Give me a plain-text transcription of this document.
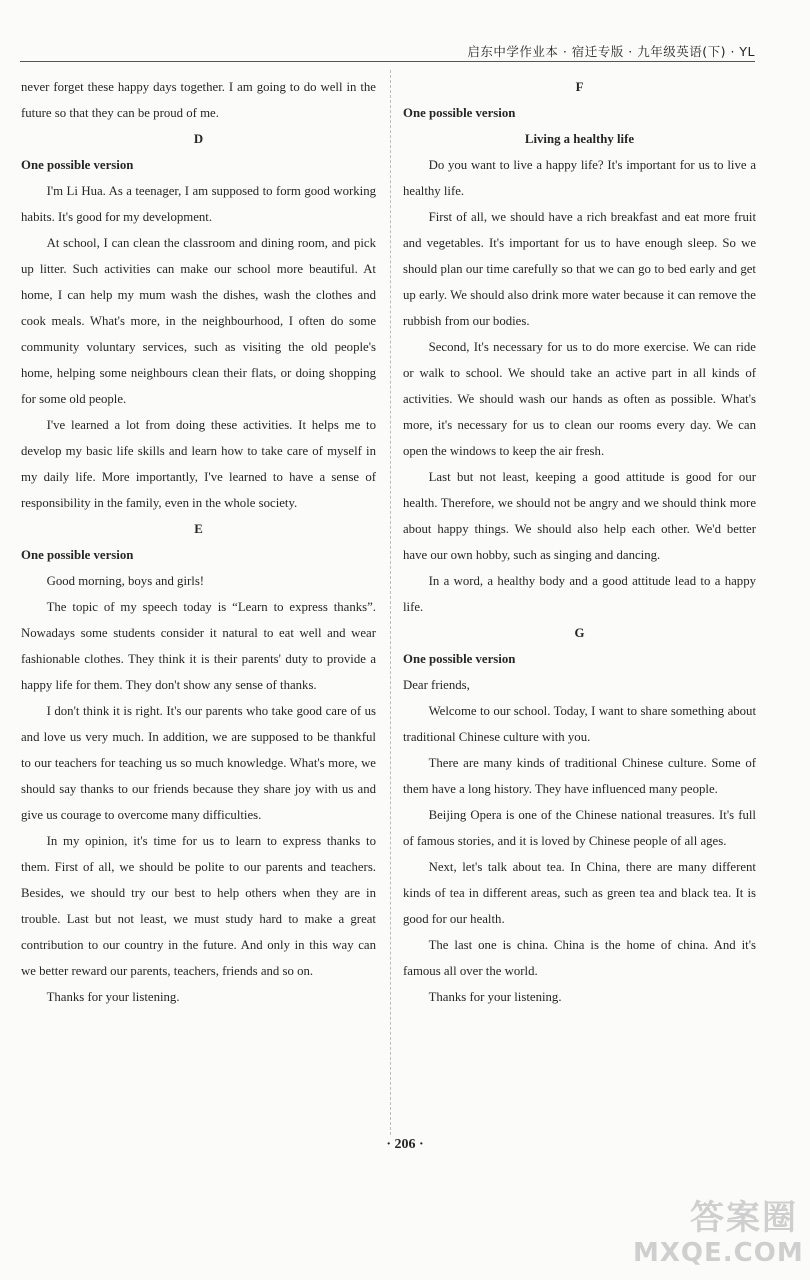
启东中学作业本 · 宿迁专版 · 九年级英语(下) · YL

never forget these happy days together. I am going to do well in the future so that they can be proud of me.

D
One possible version

I'm Li Hua. As a teenager, I am supposed to form good working habits. It's good for my development.

At school, I can clean the classroom and dining room, and pick up litter. Such activities can make our school more beautiful. At home, I can help my mum wash the dishes, wash the clothes and cook meals. What's more, in the neighbourhood, I often do some community voluntary services, such as visiting the old people's home, helping some neighbours clean their flats, or doing shopping for some old people.

I've learned a lot from doing these activities. It helps me to develop my basic life skills and learn how to take care of myself in my daily life. More importantly, I've learned to have a sense of responsibility in the family, even in the whole society.

E
One possible version

Good morning, boys and girls!

The topic of my speech today is “Learn to express thanks”. Nowadays some students consider it natural to eat well and wear fashionable clothes. They think it is their parents' duty to provide a happy life for them. They don't show any sense of thanks.

I don't think it is right. It's our parents who take good care of us and love us very much. In addition, we are supposed to be thankful to our teachers for teaching us so much knowledge. What's more, we should say thanks to our friends because they share joy with us and give us courage to overcome many difficulties.

In my opinion, it's time for us to learn to express thanks to them. First of all, we should be polite to our parents and teachers. Besides, we should try our best to help others when they are in trouble. Last but not least, we must study hard to make a great contribution to our country in the future. And only in this way can we better reward our parents, teachers, friends and so on.

Thanks for your listening.

F
One possible version
Living a healthy life

Do you want to live a happy life? It's important for us to live a healthy life.

First of all, we should have a rich breakfast and eat more fruit and vegetables. It's important for us to have enough sleep. So we should plan our time carefully so that we can go to bed early and get up early. We should also drink more water because it can remove the rubbish from our bodies.

Second, It's necessary for us to do more exercise. We can ride or walk to school. We should take an active part in all kinds of activities. We should wash our hands as often as possible. What's more, it's necessary for us to clean our rooms every day. We can open the windows to keep the air fresh.

Last but not least, keeping a good attitude is good for our health. Therefore, we should not be angry and we should think more about happy things. We should also help each other. We'd better have our own hobby, such as singing and dancing.

In a word, a healthy body and a good attitude lead to a happy life.

G
One possible version

Dear friends,

Welcome to our school. Today, I want to share something about traditional Chinese culture with you.

There are many kinds of traditional Chinese culture. Some of them have a long history. They have influenced many people.

Beijing Opera is one of the Chinese national treasures. It's full of famous stories, and it is loved by Chinese people of all ages.

Next, let's talk about tea. In China, there are many different kinds of tea in different areas, such as green tea and black tea. It is good for our health.

The last one is china. China is the home of china. And it's famous all over the world.

Thanks for your listening.

· 206 ·
答案圈
MXQE.COM
